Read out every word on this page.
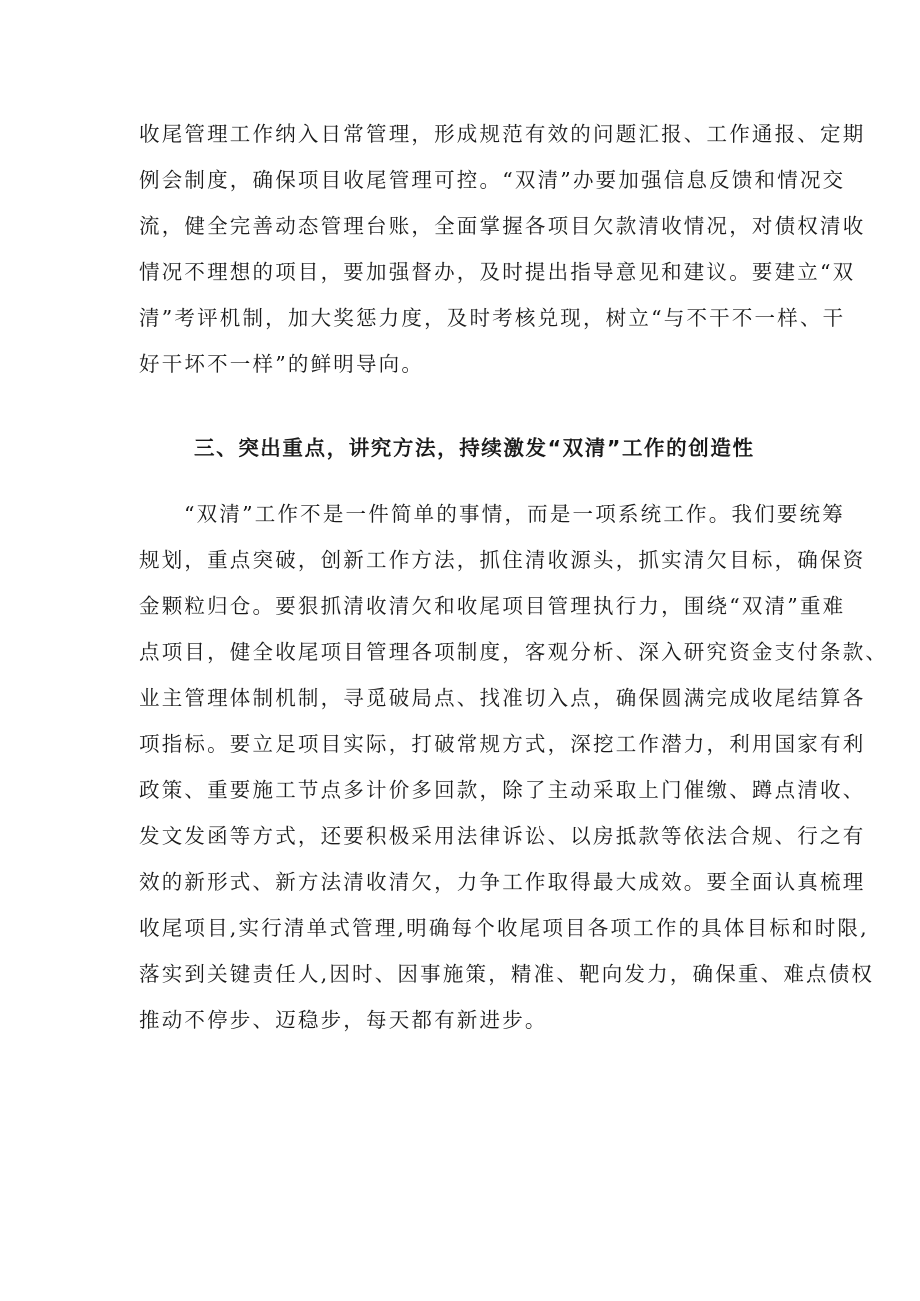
收尾管理工作纳入日常管理，形成规范有效的问题汇报、工作通报、定期
例会制度，确保项目收尾管理可控。“双清”办要加强信息反馈和情况交
流，健全完善动态管理台账，全面掌握各项目欠款清收情况，对债权清收
情况不理想的项目，要加强督办，及时提出指导意见和建议。要建立“双
清”考评机制，加大奖惩力度，及时考核兑现，树立“与不干不一样、干
好干坏不一样”的鲜明导向。
三、突出重点，讲究方法，持续激发“双清”工作的创造性
“双清”工作不是一件简单的事情，而是一项系统工作。我们要统筹
规划，重点突破，创新工作方法，抓住清收源头，抓实清欠目标，确保资
金颗粒归仓。要狠抓清收清欠和收尾项目管理执行力，围绕“双清”重难
点项目，健全收尾项目管理各项制度，客观分析、深入研究资金支付条款、
业主管理体制机制，寻觅破局点、找准切入点，确保圆满完成收尾结算各
项指标。要立足项目实际，打破常规方式，深挖工作潜力，利用国家有利
政策、重要施工节点多计价多回款，除了主动采取上门催缴、蹲点清收、
发文发函等方式，还要积极采用法律诉讼、以房抵款等依法合规、行之有
效的新形式、新方法清收清欠，力争工作取得最大成效。要全面认真梳理
收尾项目,实行清单式管理,明确每个收尾项目各项工作的具体目标和时限,
落实到关键责任人,因时、因事施策，精准、靶向发力，确保重、难点债权
推动不停步、迈稳步，每天都有新进步。
